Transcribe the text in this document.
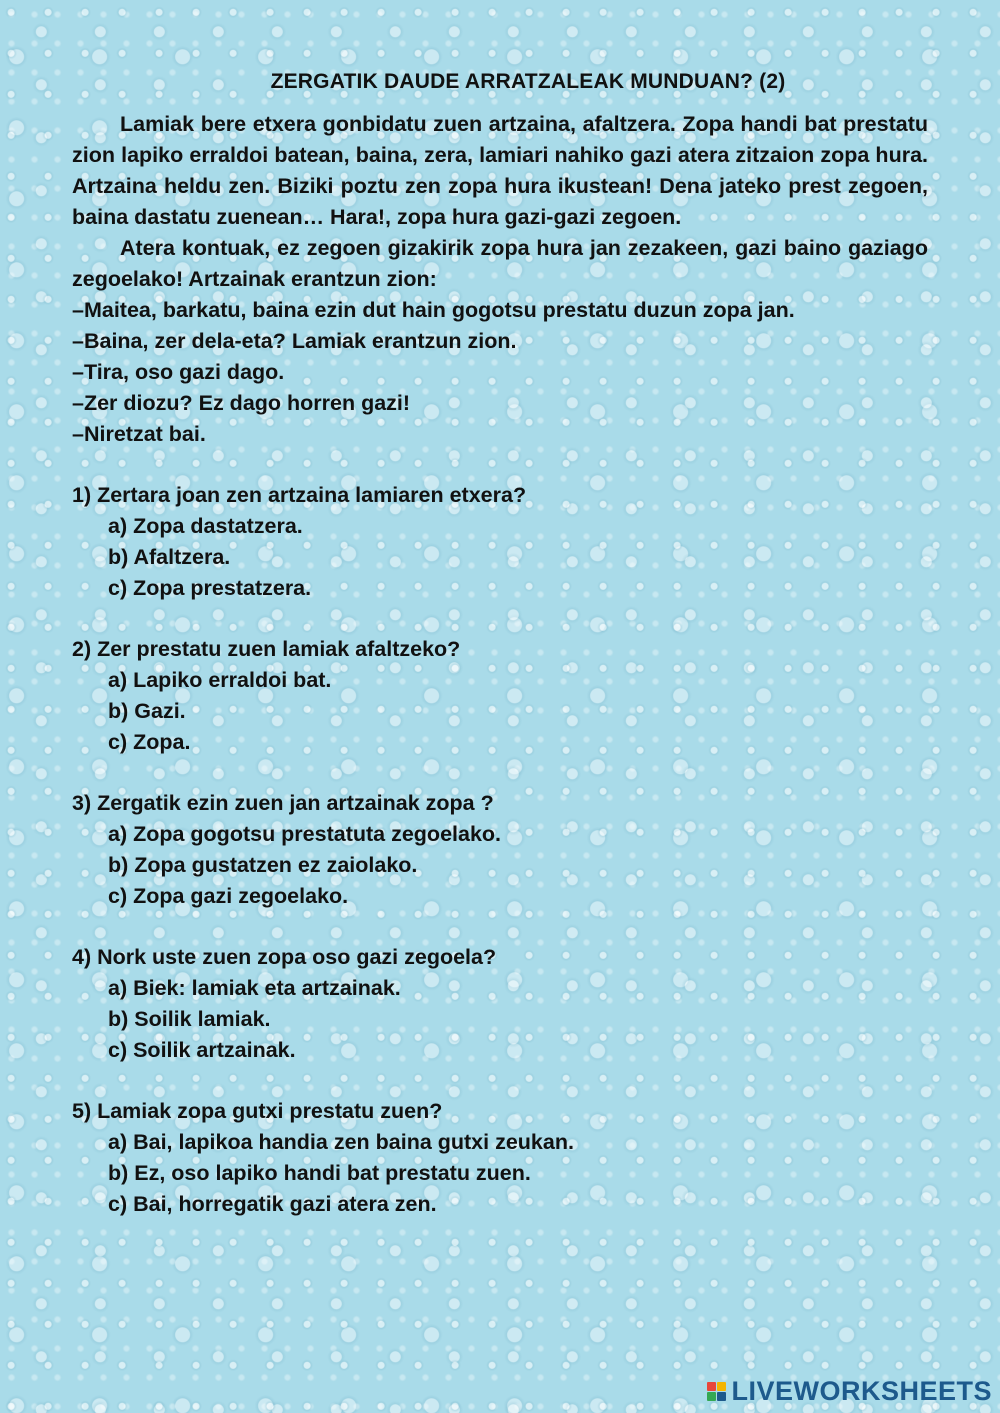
ZERGATIK DAUDE ARRATZALEAK MUNDUAN? (2)

Lamiak bere etxera gonbidatu zuen artzaina, afaltzera. Zopa handi bat prestatu zion lapiko erraldoi batean, baina, zera, lamiari nahiko gazi atera zitzaion zopa hura. Artzaina heldu zen. Biziki poztu zen zopa hura ikustean! Dena jateko prest zegoen, baina dastatu zuenean… Hara!, zopa hura gazi-gazi zegoen.

Atera kontuak, ez zegoen gizakirik zopa hura jan zezakeen, gazi baino gaziago zegoelako! Artzainak erantzun zion:

–Maitea, barkatu, baina ezin dut hain gogotsu prestatu duzun zopa jan.

–Baina, zer dela-eta? Lamiak erantzun zion.

–Tira, oso gazi dago.

–Zer diozu? Ez dago horren gazi!

–Niretzat bai.

1) Zertara joan zen artzaina lamiaren etxera?

a) Zopa dastatzera.

b) Afaltzera.

c) Zopa prestatzera.

2) Zer prestatu zuen lamiak afaltzeko?

a) Lapiko erraldoi bat.

b) Gazi.

c) Zopa.

3) Zergatik ezin zuen jan artzainak zopa ?

a) Zopa gogotsu prestatuta zegoelako.

b) Zopa gustatzen ez zaiolako.

c) Zopa gazi zegoelako.

4) Nork uste zuen zopa oso gazi zegoela?

a) Biek: lamiak eta artzainak.

b) Soilik lamiak.

c) Soilik artzainak.

5) Lamiak zopa gutxi prestatu zuen?

a) Bai, lapikoa handia zen baina gutxi zeukan.

b) Ez, oso lapiko handi bat prestatu zuen.

c) Bai, horregatik gazi atera zen.

LIVEWORKSHEETS
